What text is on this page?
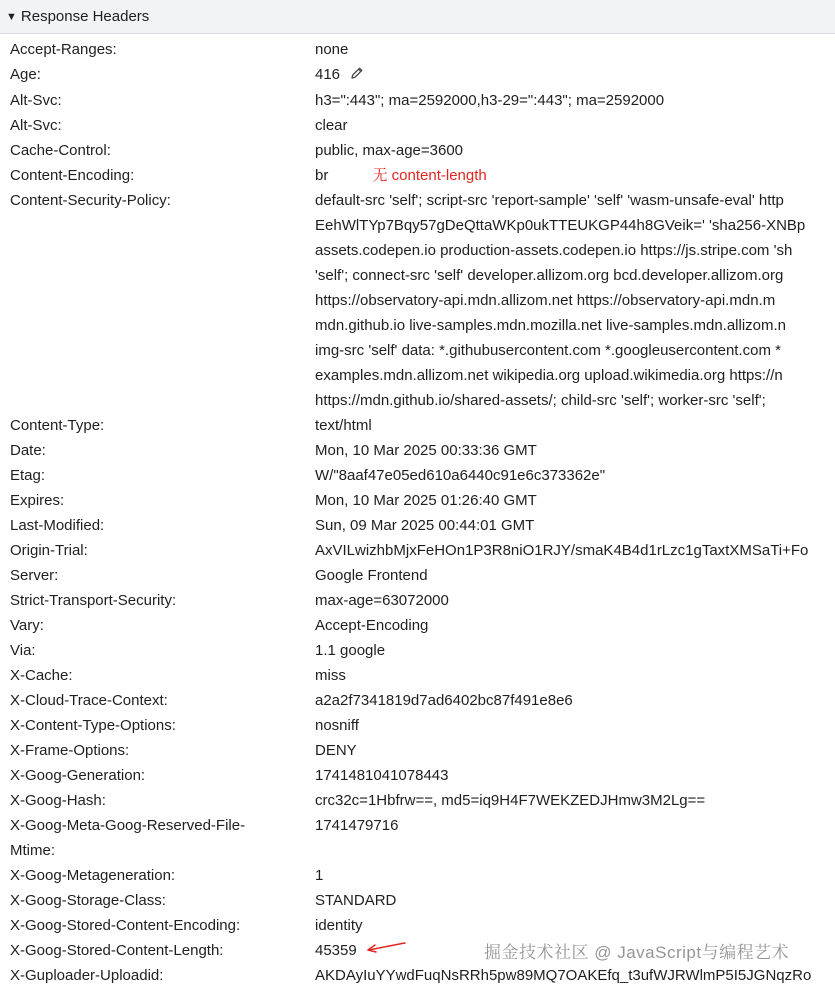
▼ Response Headers
Accept-Ranges:	none
Age:	416
Alt-Svc:	h3=":443"; ma=2592000,h3-29=":443"; ma=2592000
Alt-Svc:	clear
Cache-Control:	public, max-age=3600
Content-Encoding:	br	无 content-length
Content-Security-Policy:	default-src 'self'; script-src 'report-sample' 'self' 'wasm-unsafe-eval' http
EehWlTYp7Bqy57gDeQttaWKp0ukTTEUKGP44h8GVeik=' 'sha256-XNBp
assets.codepen.io production-assets.codepen.io https://js.stripe.com 'sh
'self'; connect-src 'self' developer.allizom.org bcd.developer.allizom.org
https://observatory-api.mdn.allizom.net https://observatory-api.mdn.m
mdn.github.io live-samples.mdn.mozilla.net live-samples.mdn.allizom.n
img-src 'self' data: *.githubusercontent.com *.googleusercontent.com *
examples.mdn.allizom.net wikipedia.org upload.wikimedia.org https://n
https://mdn.github.io/shared-assets/; child-src 'self'; worker-src 'self';
Content-Type:	text/html
Date:	Mon, 10 Mar 2025 00:33:36 GMT
Etag:	W/"8aaf47e05ed610a6440c91e6c373362e"
Expires:	Mon, 10 Mar 2025 01:26:40 GMT
Last-Modified:	Sun, 09 Mar 2025 00:44:01 GMT
Origin-Trial:	AxVILwizhbMjxFeHOn1P3R8niO1RJY/smaK4B4d1rLzc1gTaxtXMSaTi+Fo
Server:	Google Frontend
Strict-Transport-Security:	max-age=63072000
Vary:	Accept-Encoding
Via:	1.1 google
X-Cache:	miss
X-Cloud-Trace-Context:	a2a2f7341819d7ad6402bc87f491e8e6
X-Content-Type-Options:	nosniff
X-Frame-Options:	DENY
X-Goog-Generation:	1741481041078443
X-Goog-Hash:	crc32c=1Hbfrw==, md5=iq9H4F7WEKZEDJHmw3M2Lg==
X-Goog-Meta-Goog-Reserved-File-Mtime:
1741479716
X-Goog-Metageneration:	1
X-Goog-Storage-Class:	STANDARD
X-Goog-Stored-Content-Encoding:	identity
X-Goog-Stored-Content-Length:	45359
X-Guploader-Uploadid:	AKDAyIuYYwdFuqNsRRh5pw89MQ7OAKEfq_t3ufWJRWlmP5I5JGNqzRo
掘金技术社区 @ JavaScript与编程艺术
